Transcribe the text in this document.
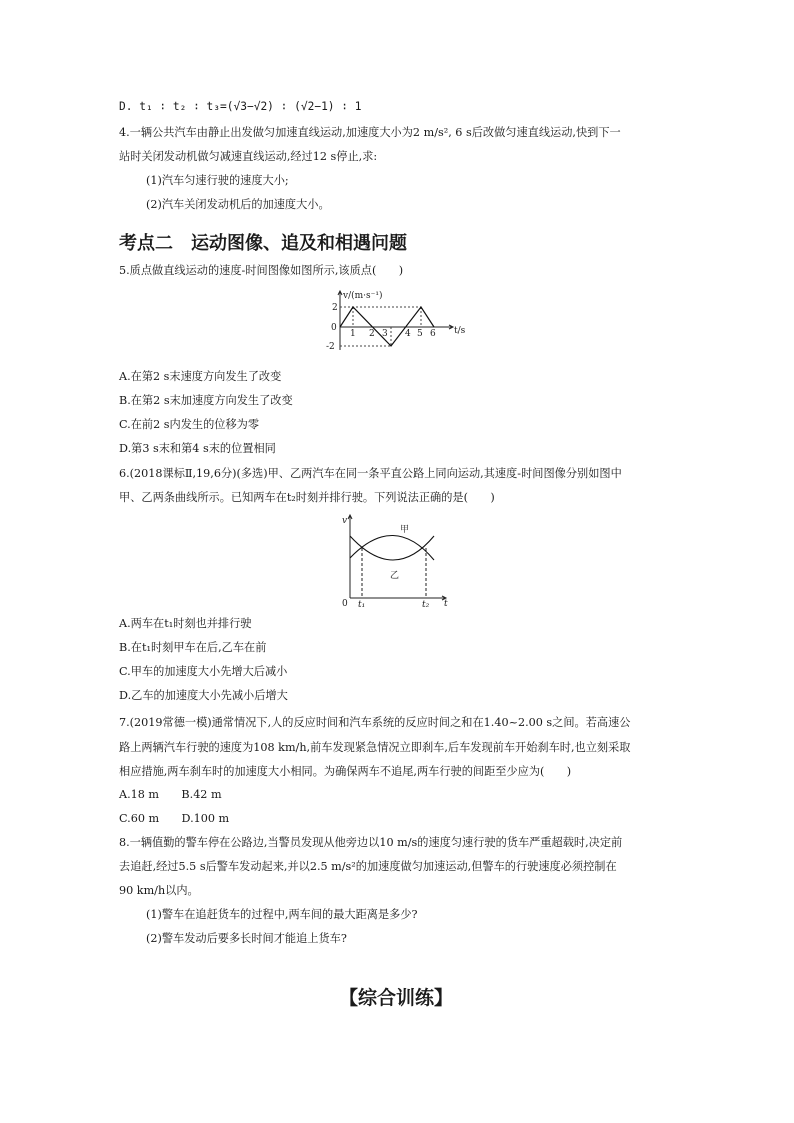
D. t₁ ∶ t₂ ∶ t₃=(√3−√2) ∶ (√2−1) ∶ 1
4.一辆公共汽车由静止出发做匀加速直线运动,加速度大小为2 m/s², 6 s后改做匀速直线运动,快到下一
站时关闭发动机做匀减速直线运动,经过12 s停止,求:
(1)汽车匀速行驶的速度大小;
(2)汽车关闭发动机后的加速度大小。
考点二　运动图像、追及和相遇问题
5.质点做直线运动的速度-时间图像如图所示,该质点(　　)
v/(m·s⁻¹)
t/s
0
2
-2
1 2 3 4 5 6
A.在第2 s末速度方向发生了改变
B.在第2 s末加速度方向发生了改变
C.在前2 s内发生的位移为零
D.第3 s末和第4 s末的位置相同
6.(2018课标Ⅱ,19,6分)(多选)甲、乙两汽车在同一条平直公路上同向运动,其速度-时间图像分别如图中
甲、乙两条曲线所示。已知两车在t₂时刻并排行驶。下列说法正确的是(　　)
v
t
0 t₁	t₂
甲
乙
A.两车在t₁时刻也并排行驶
B.在t₁时刻甲车在后,乙车在前
C.甲车的加速度大小先增大后减小
D.乙车的加速度大小先减小后增大
7.(2019常德一模)通常情况下,人的反应时间和汽车系统的反应时间之和在1.40~2.00 s之间。若高速公
路上两辆汽车行驶的速度为108 km/h,前车发现紧急情况立即刹车,后车发现前车开始刹车时,也立刻采取
相应措施,两车刹车时的加速度大小相同。为确保两车不追尾,两车行驶的间距至少应为(　　)
A.18 m　　B.42 m
C.60 m　　D.100 m
8.一辆值勤的警车停在公路边,当警员发现从他旁边以10 m/s的速度匀速行驶的货车严重超载时,决定前
去追赶,经过5.5 s后警车发动起来,并以2.5 m/s²的加速度做匀加速运动,但警车的行驶速度必须控制在
90 km/h以内。
(1)警车在追赶货车的过程中,两车间的最大距离是多少?
(2)警车发动后要多长时间才能追上货车?
【综合训练】
